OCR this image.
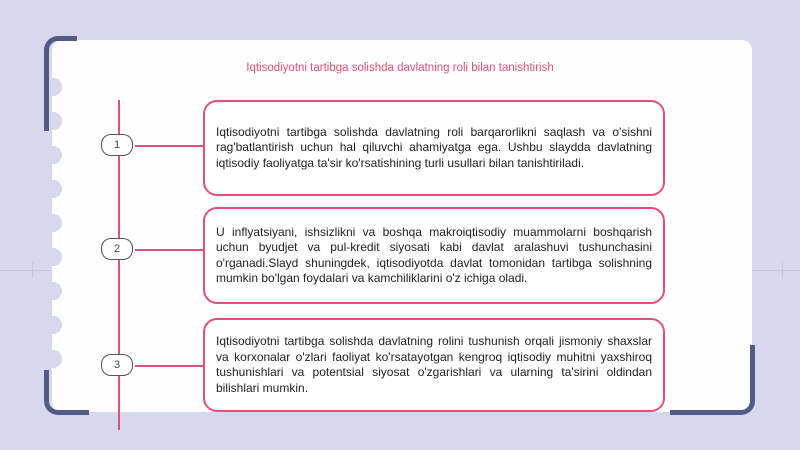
Iqtisodiyotni tartibga solishda davlatning roli bilan tanishtirish
1
2
3

Iqtisodiyotni tartibga solishda davlatning roli barqarorlikni saqlash va o'sishni rag'batlantirish uchun hal qiluvchi ahamiyatga ega. Ushbu slaydda davlatning iqtisodiy faoliyatga ta'sir ko'rsatishining turli usullari bilan tanishtiriladi.

U inflyatsiyani, ishsizlikni va boshqa makroiqtisodiy muammolarni boshqarish uchun byudjet va pul-kredit siyosati kabi davlat aralashuvi tushunchasini o'rganadi.Slayd shuningdek, iqtisodiyotda davlat tomonidan tartibga solishning mumkin bo'lgan foydalari va kamchiliklarini o'z ichiga oladi.

Iqtisodiyotni tartibga solishda davlatning rolini tushunish orqali jismoniy shaxslar va korxonalar o'zlari faoliyat ko'rsatayotgan kengroq iqtisodiy muhitni yaxshiroq tushunishlari va potentsial siyosat o'zgarishlari va ularning ta'sirini oldindan bilishlari mumkin.
